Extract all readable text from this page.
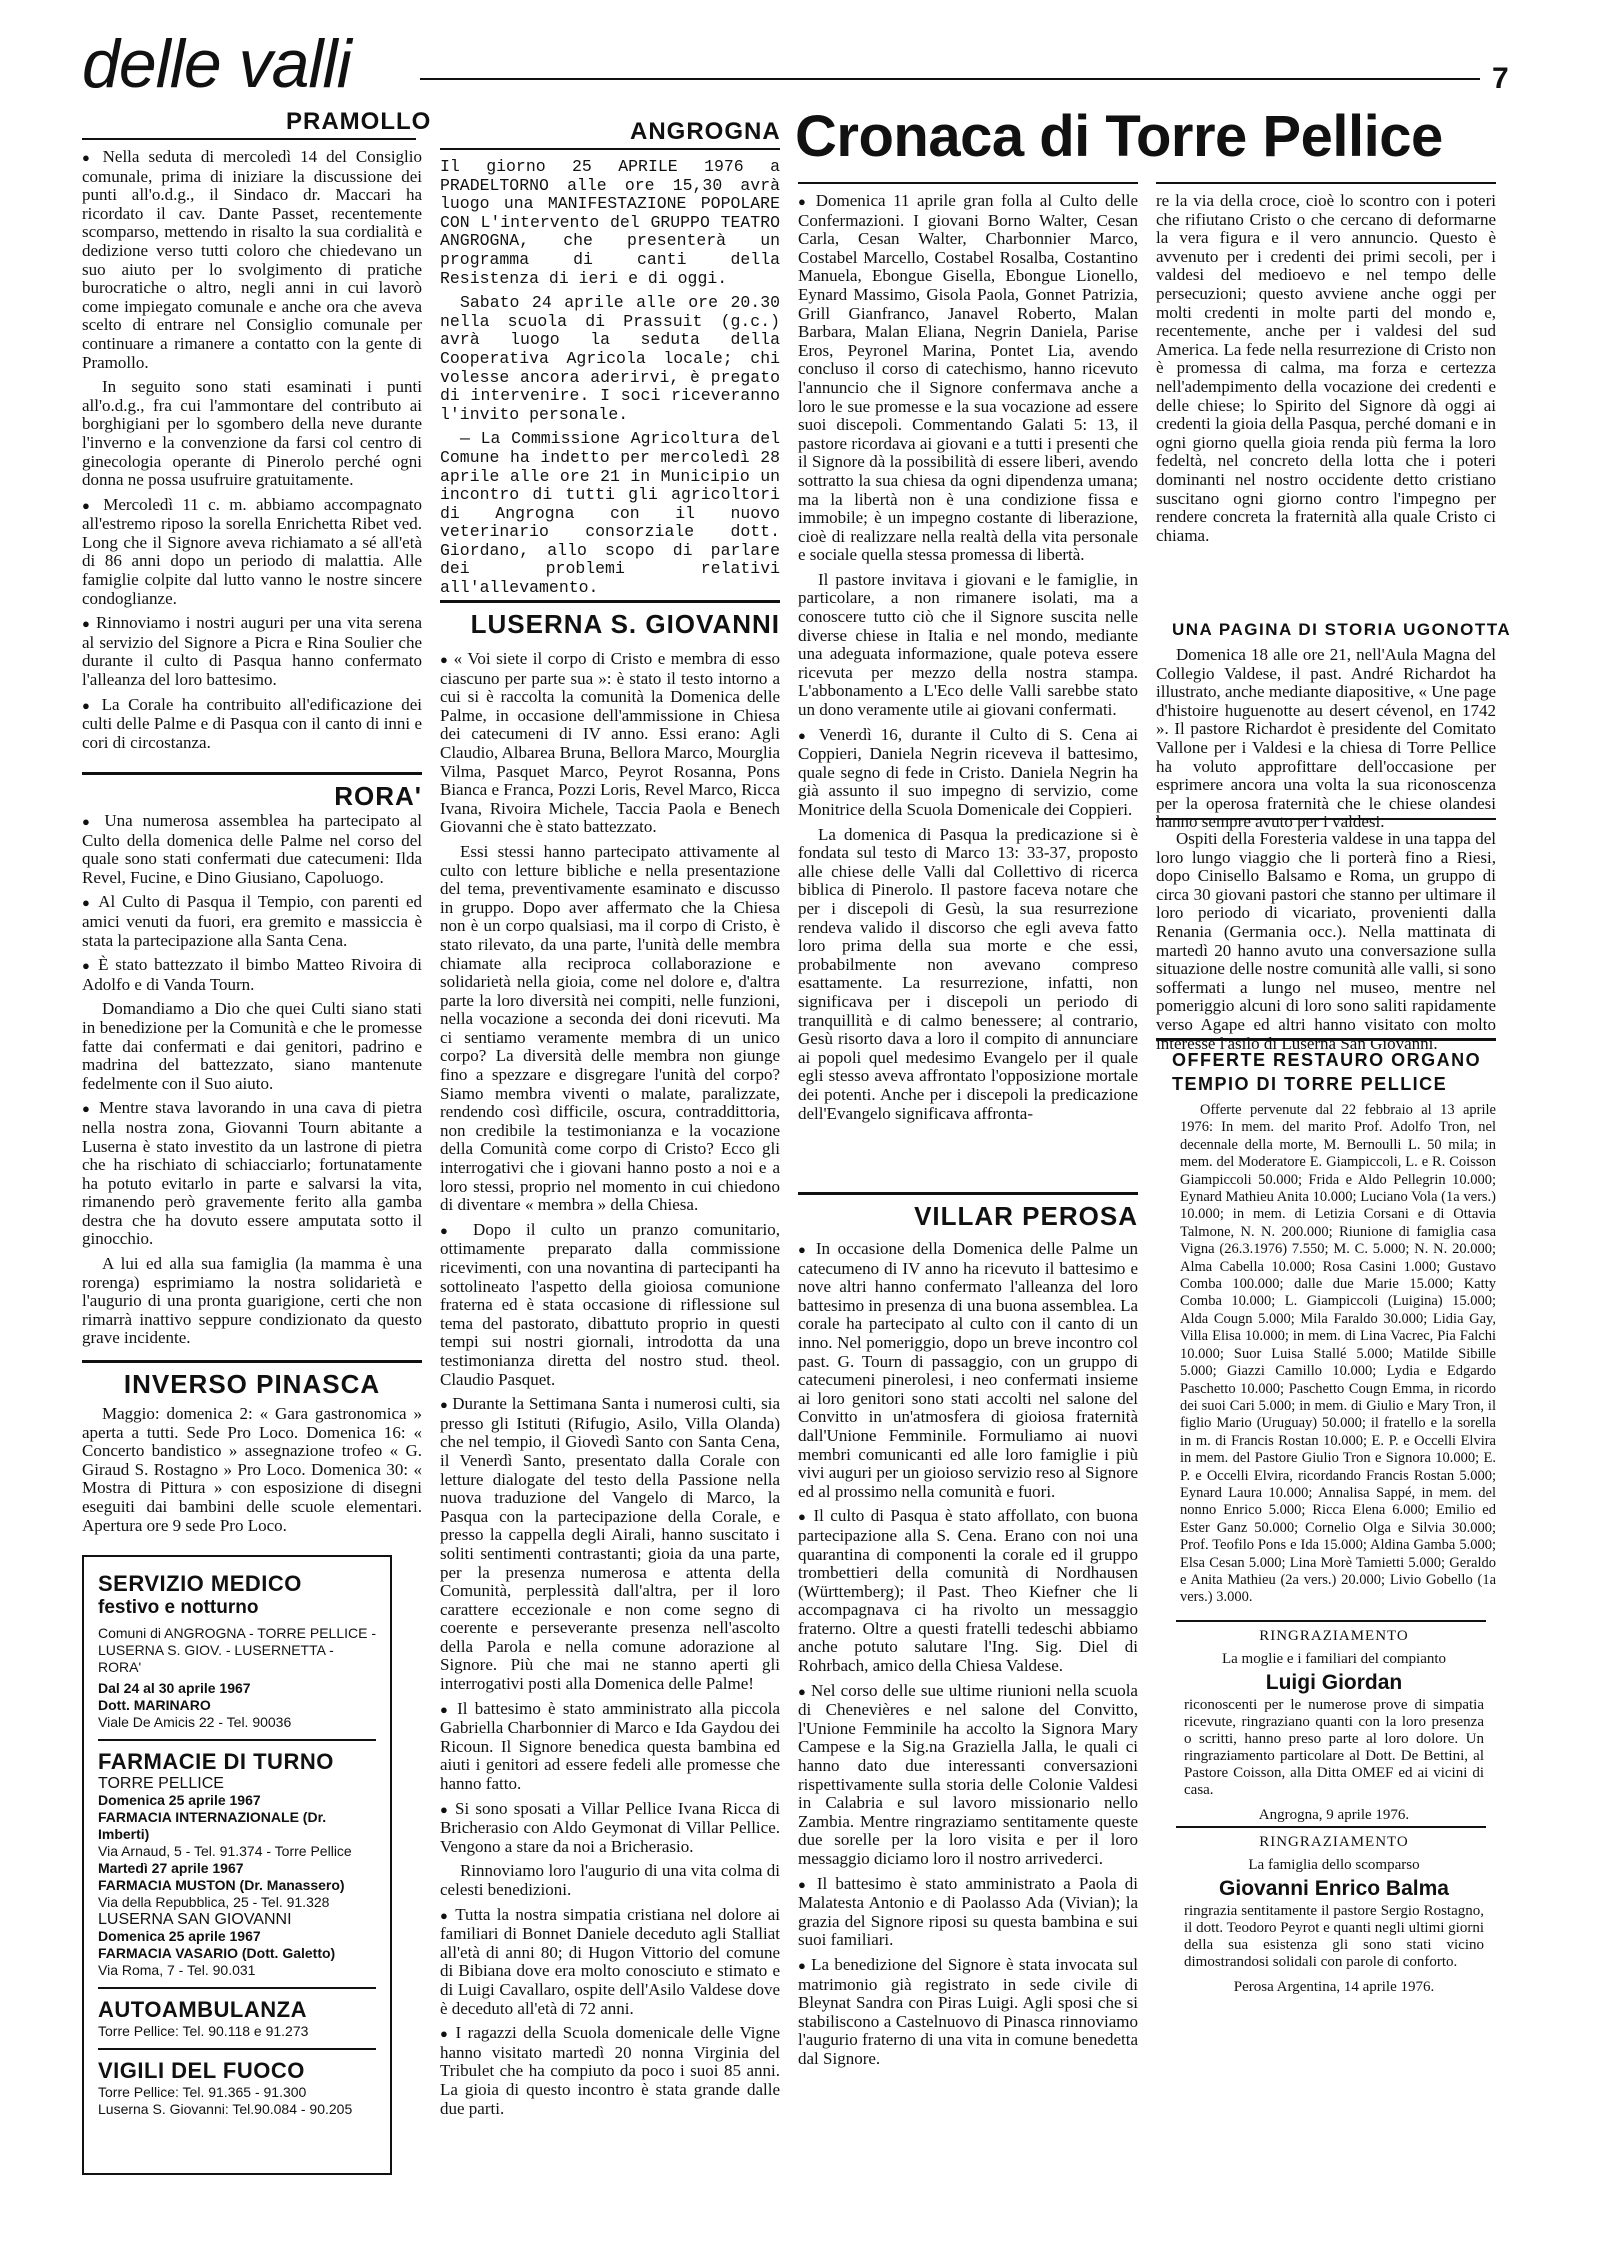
delle valli	7
PRAMOLLO	ANGROGNA Cronaca di Torre Pellice

● Nella seduta di mercoledì 14 del Consiglio comunale, prima di iniziare la discussione dei punti all'o.d.g., il Sindaco dr. Maccari ha ricordato il cav. Dante Passet, recentemente scomparso, mettendo in risalto la sua cordialità e dedizione verso tutti coloro che chiedevano un suo aiuto per lo svolgimento di pratiche burocratiche o altro, negli anni in cui lavorò come impiegato comunale e anche ora che aveva scelto di entrare nel Consiglio comunale per continuare a rimanere a contatto con la gente di Pramollo.

In seguito sono stati esaminati i punti all'o.d.g., fra cui l'ammontare del contributo ai borghigiani per lo sgombero della neve durante l'inverno e la convenzione da farsi col centro di ginecologia operante di Pinerolo perché ogni donna ne possa usufruire gratuitamente.

● Mercoledì 11 c. m. abbiamo accompagnato all'estremo riposo la sorella Enrichetta Ribet ved. Long che il Signore aveva richiamato a sé all'età di 86 anni dopo un periodo di malattia. Alle famiglie colpite dal lutto vanno le nostre sincere condoglianze.

● Rinnoviamo i nostri auguri per una vita serena al servizio del Signore a Picra e Rina Soulier che durante il culto di Pasqua hanno confermato l'alleanza del loro battesimo.

● La Corale ha contribuito all'edificazione dei culti delle Palme e di Pasqua con il canto di inni e cori di circostanza.

RORA'

● Una numerosa assemblea ha partecipato al Culto della domenica delle Palme nel corso del quale sono stati confermati due catecumeni: Ilda Revel, Fucine, e Dino Giusiano, Capoluogo.

● Al Culto di Pasqua il Tempio, con parenti ed amici venuti da fuori, era gremito e massiccia è stata la partecipazione alla Santa Cena.

● È stato battezzato il bimbo Matteo Rivoira di Adolfo e di Vanda Tourn.

Domandiamo a Dio che quei Culti siano stati in benedizione per la Comunità e che le promesse fatte dai confermati e dai genitori, padrino e madrina del battezzato, siano mantenute fedelmente con il Suo aiuto.

● Mentre stava lavorando in una cava di pietra nella nostra zona, Giovanni Tourn abitante a Luserna è stato investito da un lastrone di pietra che ha rischiato di schiacciarlo; fortunatamente ha potuto evitarlo in parte e salvarsi la vita, rimanendo però gravemente ferito alla gamba destra che ha dovuto essere amputata sotto il ginocchio.

A lui ed alla sua famiglia (la mamma è una rorenga) esprimiamo la nostra solidarietà e l'augurio di una pronta guarigione, certi che non rimarrà inattivo seppure condizionato da questo grave incidente.

INVERSO PINASCA

Maggio: domenica 2: « Gara gastronomica » aperta a tutti. Sede Pro Loco. Domenica 16: « Concerto bandistico » assegnazione trofeo « G. Giraud S. Rostagno » Pro Loco. Domenica 30: « Mostra di Pittura » con esposizione di disegni eseguiti dai bambini delle scuole elementari. Apertura ore 9 sede Pro Loco.

SERVIZIO MEDICO
festivo e notturno
Comuni di ANGROGNA - TORRE PELLICE - LUSERNA S. GIOV. - LUSERNETTA - RORA'
Dal 24 al 30 aprile 1967
Dott. MARINARO
Viale De Amicis 22 - Tel. 90036
FARMACIE DI TURNO
TORRE PELLICE
Domenica 25 aprile 1967
FARMACIA INTERNAZIONALE (Dr. Imberti)
Via Arnaud, 5 - Tel. 91.374 - Torre Pellice
Martedì 27 aprile 1967
FARMACIA MUSTON (Dr. Manassero)
Via della Repubblica, 25 - Tel. 91.328
LUSERNA SAN GIOVANNI
Domenica 25 aprile 1967
FARMACIA VASARIO (Dott. Galetto)
Via Roma, 7 - Tel. 90.031
AUTOAMBULANZA
Torre Pellice: Tel. 90.118 e 91.273
VIGILI DEL FUOCO
Torre Pellice: Tel. 91.365 - 91.300
Luserna S. Giovanni: Tel.90.084 - 90.205

Il giorno 25 APRILE 1976 a PRADELTORNO alle ore 15,30 avrà luogo una MANIFESTAZIONE POPOLARE CON L'intervento del GRUPPO TEATRO ANGROGNA, che presenterà un programma di canti della Resistenza di ieri e di oggi.

Sabato 24 aprile alle ore 20.30 nella scuola di Prassuit (g.c.) avrà luogo la seduta della Cooperativa Agricola locale; chi volesse ancora aderirvi, è pregato di intervenire. I soci riceveranno l'invito personale.

— La Commissione Agricoltura del Comune ha indetto per mercoledì 28 aprile alle ore 21 in Municipio un incontro di tutti gli agricoltori di Angrogna con il nuovo veterinario consorziale dott. Giordano, allo scopo di parlare dei problemi relativi all'allevamento.

LUSERNA S. GIOVANNI

● « Voi siete il corpo di Cristo e membra di esso ciascuno per parte sua »: è stato il testo intorno a cui si è raccolta la comunità la Domenica delle Palme, in occasione dell'ammissione in Chiesa dei catecumeni di IV anno. Essi erano: Agli Claudio, Albarea Bruna, Bellora Marco, Mourglia Vilma, Pasquet Marco, Peyrot Rosanna, Pons Bianca e Franca, Pozzi Loris, Revel Marco, Ricca Ivana, Rivoira Michele, Taccia Paola e Benech Giovanni che è stato battezzato.

Essi stessi hanno partecipato attivamente al culto con letture bibliche e nella presentazione del tema, preventivamente esaminato e discusso in gruppo. Dopo aver affermato che la Chiesa non è un corpo qualsiasi, ma il corpo di Cristo, è stato rilevato, da una parte, l'unità delle membra chiamate alla reciproca collaborazione e solidarietà nella gioia, come nel dolore e, d'altra parte la loro diversità nei compiti, nelle funzioni, nella vocazione a seconda dei doni ricevuti. Ma ci sentiamo veramente membra di un unico corpo? La diversità delle membra non giunge fino a spezzare e disgregare l'unità del corpo? Siamo membra viventi o malate, paralizzate, rendendo così difficile, oscura, contraddittoria, non credibile la testimonianza e la vocazione della Comunità come corpo di Cristo? Ecco gli interrogativi che i giovani hanno posto a noi e a loro stessi, proprio nel momento in cui chiedono di diventare « membra » della Chiesa.

● Dopo il culto un pranzo comunitario, ottimamente preparato dalla commissione ricevimenti, con una novantina di partecipanti ha sottolineato l'aspetto della gioiosa comunione fraterna ed è stata occasione di riflessione sul tema del pastorato, dibattuto proprio in questi tempi sui nostri giornali, introdotta da una testimonianza diretta del nostro stud. theol. Claudio Pasquet.

● Durante la Settimana Santa i numerosi culti, sia presso gli Istituti (Rifugio, Asilo, Villa Olanda) che nel tempio, il Giovedì Santo con Santa Cena, il Venerdì Santo, presentato dalla Corale con letture dialogate del testo della Passione nella nuova traduzione del Vangelo di Marco, la Pasqua con la partecipazione della Corale, e presso la cappella degli Airali, hanno suscitato i soliti sentimenti contrastanti; gioia da una parte, per la presenza numerosa e attenta della Comunità, perplessità dall'altra, per il loro carattere eccezionale e non come segno di coerente e perseverante presenza nell'ascolto della Parola e nella comune adorazione al Signore. Più che mai ne stanno aperti gli interrogativi posti alla Domenica delle Palme!

● Il battesimo è stato amministrato alla piccola Gabriella Charbonnier di Marco e Ida Gaydou dei Ricoun. Il Signore benedica questa bambina ed aiuti i genitori ad essere fedeli alle promesse che hanno fatto.

● Si sono sposati a Villar Pellice Ivana Ricca di Bricherasio con Aldo Geymonat di Villar Pellice. Vengono a stare da noi a Bricherasio.

Rinnoviamo loro l'augurio di una vita colma di celesti benedizioni.

● Tutta la nostra simpatia cristiana nel dolore ai familiari di Bonnet Daniele deceduto agli Stalliat all'età di anni 80; di Hugon Vittorio del comune di Bibiana dove era molto conosciuto e stimato e di Luigi Cavallaro, ospite dell'Asilo Valdese dove è deceduto all'età di 72 anni.

● I ragazzi della Scuola domenicale delle Vigne hanno visitato martedì 20 nonna Virginia del Tribulet che ha compiuto da poco i suoi 85 anni. La gioia di questo incontro è stata grande dalle due parti.

● Domenica 11 aprile gran folla al Culto delle Confermazioni. I giovani Borno Walter, Cesan Carla, Cesan Walter, Charbonnier Marco, Costabel Marcello, Costabel Rosalba, Costantino Manuela, Ebongue Gisella, Ebongue Lionello, Eynard Massimo, Gisola Paola, Gonnet Patrizia, Grill Gianfranco, Janavel Roberto, Malan Barbara, Malan Eliana, Negrin Daniela, Parise Eros, Peyronel Marina, Pontet Lia, avendo concluso il corso di catechismo, hanno ricevuto l'annuncio che il Signore confermava anche a loro le sue promesse e la sua vocazione ad essere suoi discepoli. Commentando Galati 5: 13, il pastore ricordava ai giovani e a tutti i presenti che il Signore dà la possibilità di essere liberi, avendo sottratto la sua chiesa da ogni dipendenza umana; ma la libertà non è una condizione fissa e immobile; è un impegno costante di liberazione, cioè di realizzare nella realtà della vita personale e sociale quella stessa promessa di libertà.

Il pastore invitava i giovani e le famiglie, in particolare, a non rimanere isolati, ma a conoscere tutto ciò che il Signore suscita nelle diverse chiese in Italia e nel mondo, mediante una adeguata informazione, quale poteva essere ricevuta per mezzo della nostra stampa. L'abbonamento a L'Eco delle Valli sarebbe stato un dono veramente utile ai giovani confermati.

● Venerdì 16, durante il Culto di S. Cena ai Coppieri, Daniela Negrin riceveva il battesimo, quale segno di fede in Cristo. Daniela Negrin ha già assunto il suo impegno di servizio, come Monitrice della Scuola Domenicale dei Coppieri.

La domenica di Pasqua la predicazione si è fondata sul testo di Marco 13: 33-37, proposto alle chiese delle Valli dal Collettivo di ricerca biblica di Pinerolo. Il pastore faceva notare che per i discepoli di Gesù, la sua resurrezione rendeva valido il discorso che egli aveva fatto loro prima della sua morte e che essi, probabilmente non avevano compreso esattamente. La resurrezione, infatti, non significava per i discepoli un periodo di tranquillità e di calmo benessere; al contrario, Gesù risorto dava a loro il compito di annunciare ai popoli quel medesimo Evangelo per il quale egli stesso aveva affrontato l'opposizione mortale dei potenti. Anche per i discepoli la predicazione dell'Evangelo significava affronta-

VILLAR PEROSA

● In occasione della Domenica delle Palme un catecumeno di IV anno ha ricevuto il battesimo e nove altri hanno confermato l'alleanza del loro battesimo in presenza di una buona assemblea. La corale ha partecipato al culto con il canto di un inno. Nel pomeriggio, dopo un breve incontro col past. G. Tourn di passaggio, con un gruppo di catecumeni pinerolesi, i neo confermati insieme ai loro genitori sono stati accolti nel salone del Convitto in un'atmosfera di gioiosa fraternità dall'Unione Femminile. Formuliamo ai nuovi membri comunicanti ed alle loro famiglie i più vivi auguri per un gioioso servizio reso al Signore ed al prossimo nella comunità e fuori.

● Il culto di Pasqua è stato affollato, con buona partecipazione alla S. Cena. Erano con noi una quarantina di componenti la corale ed il gruppo trombettieri della comunità di Nordhausen (Württemberg); il Past. Theo Kiefner che li accompagnava ci ha rivolto un messaggio fraterno. Oltre a questi fratelli tedeschi abbiamo anche potuto salutare l'Ing. Sig. Diel di Rohrbach, amico della Chiesa Valdese.

● Nel corso delle sue ultime riunioni nella scuola di Chenevières e nel salone del Convitto, l'Unione Femminile ha accolto la Signora Mary Campese e la Sig.na Graziella Jalla, le quali ci hanno dato due interessanti conversazioni rispettivamente sulla storia delle Colonie Valdesi in Calabria e sul lavoro missionario nello Zambia. Mentre ringraziamo sentitamente queste due sorelle per la loro visita e per il loro messaggio diciamo loro il nostro arrivederci.

● Il battesimo è stato amministrato a Paola di Malatesta Antonio e di Paolasso Ada (Vivian); la grazia del Signore riposi su questa bambina e sui suoi familiari.

● La benedizione del Signore è stata invocata sul matrimonio già registrato in sede civile di Bleynat Sandra con Piras Luigi. Agli sposi che si stabiliscono a Castelnuovo di Pinasca rinnoviamo l'augurio fraterno di una vita in comune benedetta dal Signore.

re la via della croce, cioè lo scontro con i poteri che rifiutano Cristo o che cercano di deformarne la vera figura e il vero annuncio. Questo è avvenuto per i credenti dei primi secoli, per i valdesi del medioevo e nel tempo delle persecuzioni; questo avviene anche oggi per molti credenti in molte parti del mondo e, recentemente, anche per i valdesi del sud America. La fede nella resurrezione di Cristo non è promessa di calma, ma forza e certezza nell'adempimento della vocazione dei credenti e delle chiese; lo Spirito del Signore dà oggi ai credenti la gioia della Pasqua, perché domani e in ogni giorno quella gioia renda più ferma la loro fedeltà, nel concreto della lotta che i poteri dominanti nel nostro occidente detto cristiano suscitano ogni giorno contro l'impegno per rendere concreta la fraternità alla quale Cristo ci chiama.

UNA PAGINA DI STORIA UGONOTTA

Domenica 18 alle ore 21, nell'Aula Magna del Collegio Valdese, il past. André Richardot ha illustrato, anche mediante diapositive, « Une page d'histoire huguenotte au desert cévenol, en 1742 ». Il pastore Richardot è presidente del Comitato Vallone per i Valdesi e la chiesa di Torre Pellice ha voluto approfittare dell'occasione per esprimere ancora una volta la sua riconoscenza per la operosa fraternità che le chiese olandesi hanno sempre avuto per i valdesi.

Ospiti della Foresteria valdese in una tappa del loro lungo viaggio che li porterà fino a Riesi, dopo Cinisello Balsamo e Roma, un gruppo di circa 30 giovani pastori che stanno per ultimare il loro periodo di vicariato, provenienti dalla Renania (Germania occ.). Nella mattinata di martedì 20 hanno avuto una conversazione sulla situazione delle nostre comunità alle valli, si sono soffermati a lungo nel museo, mentre nel pomeriggio alcuni di loro sono saliti rapidamente verso Agape ed altri hanno visitato con molto interesse l'asilo di Luserna San Giovanni.

OFFERTE RESTAURO ORGANO
TEMPIO DI TORRE PELLICE

Offerte pervenute dal 22 febbraio al 13 aprile 1976: In mem. del marito Prof. Adolfo Tron, nel decennale della morte, M. Bernoulli L. 50 mila; in mem. del Moderatore E. Giampiccoli, L. e R. Coisson Giampiccoli 50.000; Frida e Aldo Pellegrin 10.000; Eynard Mathieu Anita 10.000; Luciano Vola (1a vers.) 10.000; in mem. di Letizia Corsani e di Ottavia Talmone, N. N. 200.000; Riunione di famiglia casa Vigna (26.3.1976) 7.550; M. C. 5.000; N. N. 20.000; Alma Cabella 10.000; Rosa Casini 1.000; Gustavo Comba 100.000; dalle due Marie 15.000; Katty Comba 10.000; L. Giampiccoli (Luigina) 15.000; Alda Cougn 5.000; Mila Faraldo 30.000; Lidia Gay, Villa Elisa 10.000; in mem. di Lina Vacrec, Pia Falchi 10.000; Suor Luisa Stallé 5.000; Matilde Sibille 5.000; Giazzi Camillo 10.000; Lydia e Edgardo Paschetto 10.000; Paschetto Cougn Emma, in ricordo dei suoi Cari 5.000; in mem. di Giulio e Mary Tron, il figlio Mario (Uruguay) 50.000; il fratello e la sorella in m. di Francis Rostan 10.000; E. P. e Occelli Elvira in mem. del Pastore Giulio Tron e Signora 10.000; E. P. e Occelli Elvira, ricordando Francis Rostan 5.000; Eynard Laura 10.000; Annalisa Sappé, in mem. del nonno Enrico 5.000; Ricca Elena 6.000; Emilio ed Ester Ganz 50.000; Cornelio Olga e Silvia 30.000; Prof. Teofilo Pons e Ida 15.000; Aldina Gamba 5.000; Elsa Cesan 5.000; Lina Morè Tamietti 5.000; Geraldo e Anita Mathieu (2a vers.) 20.000; Livio Gobello (1a vers.) 3.000.

RINGRAZIAMENTO
La moglie e i familiari del compianto
Luigi Giordan
riconoscenti per le numerose prove di simpatia ricevute, ringraziano quanti con la loro presenza o scritti, hanno preso parte al loro dolore. Un ringraziamento particolare al Dott. De Bettini, al Pastore Coisson, alla Ditta OMEF ed ai vicini di casa.
Angrogna, 9 aprile 1976.
RINGRAZIAMENTO
La famiglia dello scomparso
Giovanni Enrico Balma
ringrazia sentitamente il pastore Sergio Rostagno, il dott. Teodoro Peyrot e quanti negli ultimi giorni della sua esistenza gli sono stati vicino dimostrandosi solidali con parole di conforto.
Perosa Argentina, 14 aprile 1976.
